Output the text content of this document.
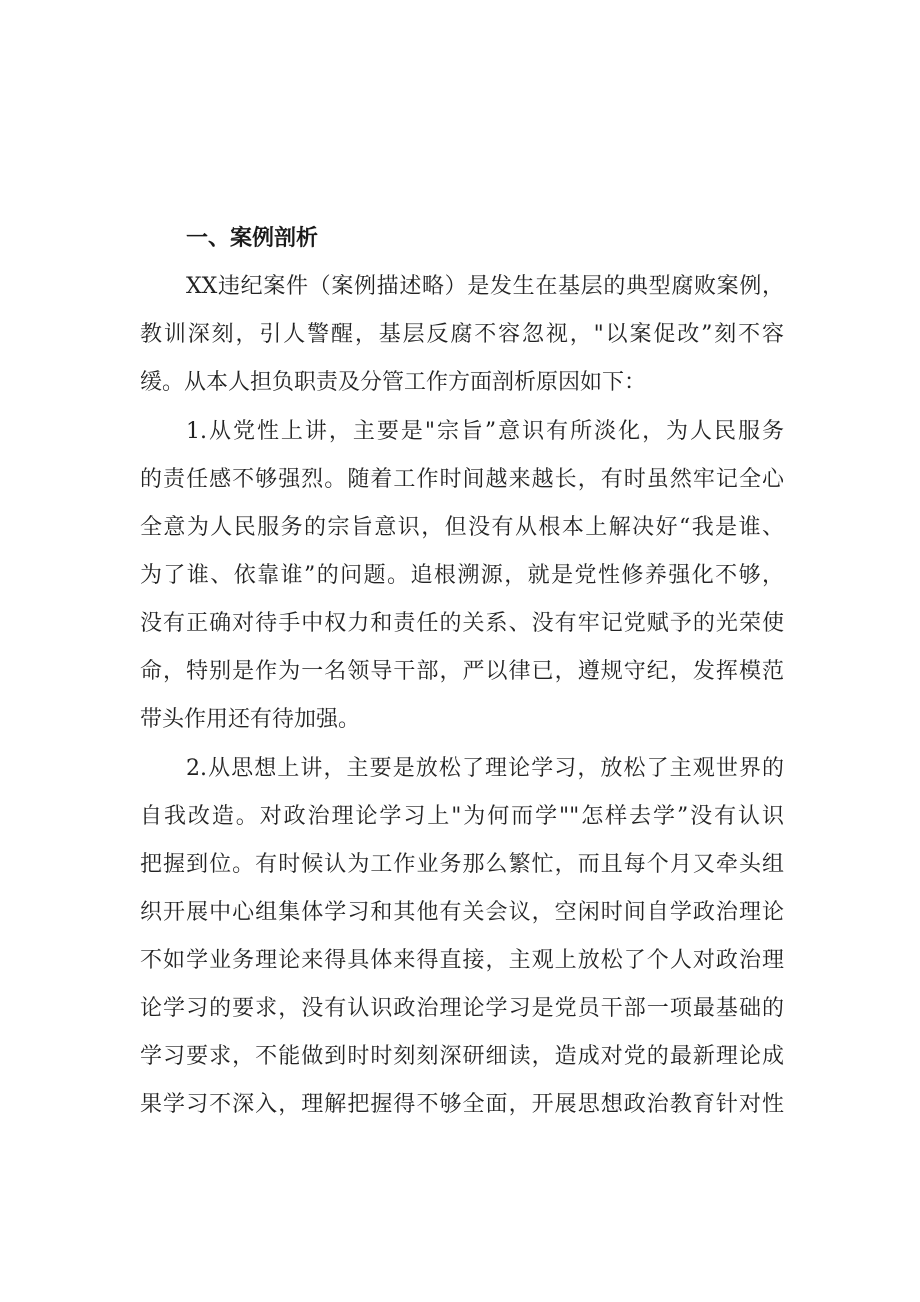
一、案例剖析
XX违纪案件（案例描述略）是发生在基层的典型腐败案例，
教训深刻，引人警醒，基层反腐不容忽视，"以案促改”刻不容
缓。从本人担负职责及分管工作方面剖析原因如下：
1.从党性上讲，主要是"宗旨”意识有所淡化，为人民服务
的责任感不够强烈。随着工作时间越来越长，有时虽然牢记全心
全意为人民服务的宗旨意识，但没有从根本上解决好“我是谁、
为了谁、依靠谁”的问题。追根溯源，就是党性修养强化不够，
没有正确对待手中权力和责任的关系、没有牢记党赋予的光荣使
命，特别是作为一名领导干部，严以律已，遵规守纪，发挥模范
带头作用还有待加强。
2.从思想上讲，主要是放松了理论学习，放松了主观世界的
自我改造。对政治理论学习上"为何而学""怎样去学”没有认识
把握到位。有时候认为工作业务那么繁忙，而且每个月又牵头组
织开展中心组集体学习和其他有关会议，空闲时间自学政治理论
不如学业务理论来得具体来得直接，主观上放松了个人对政治理
论学习的要求，没有认识政治理论学习是党员干部一项最基础的
学习要求，不能做到时时刻刻深研细读，造成对党的最新理论成
果学习不深入，理解把握得不够全面，开展思想政治教育针对性
